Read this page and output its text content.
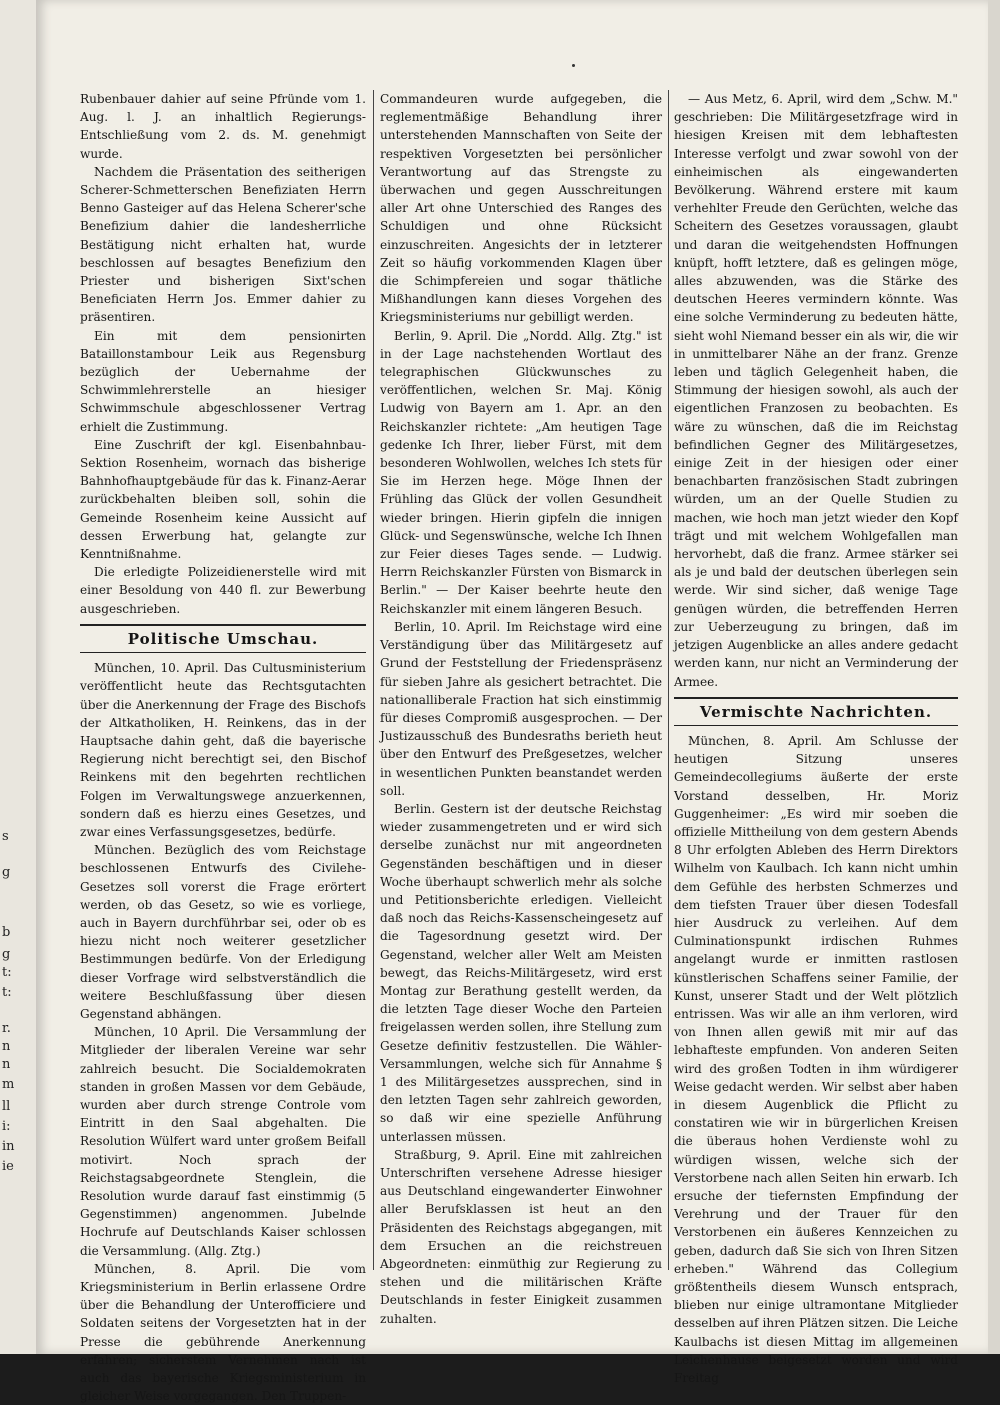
s
g
b
g
t:
t:
r.
n
n
m
ll
i:
in
ie

Rubenbauer dahier auf seine Pfründe vom 1. Aug. l. J. an inhaltlich Regierungs-Entschließung vom 2. ds. M. genehmigt wurde.

Nachdem die Präsentation des seitherigen Scherer-Schmetterschen Benefiziaten Herrn Benno Gasteiger auf das Helena Scherer'sche Benefizium dahier die landesherrliche Bestätigung nicht erhalten hat, wurde beschlossen auf besagtes Benefizium den Priester und bisherigen Sixt'schen Beneficiaten Herrn Jos. Emmer dahier zu präsentiren.

Ein mit dem pensionirten Bataillonstambour Leik aus Regensburg bezüglich der Uebernahme der Schwimmlehrerstelle an hiesiger Schwimmschule abgeschlossener Vertrag erhielt die Zustimmung.

Eine Zuschrift der kgl. Eisenbahnbau-Sektion Rosenheim, wornach das bisherige Bahnhofhauptgebäude für das k. Finanz-Aerar zurückbehalten bleiben soll, sohin die Gemeinde Rosenheim keine Aussicht auf dessen Erwerbung hat, gelangte zur Kenntnißnahme.

Die erledigte Polizeidienerstelle wird mit einer Besoldung von 440 fl. zur Bewerbung ausgeschrieben.

Politische Umschau.

München, 10. April. Das Cultusministerium veröffentlicht heute das Rechtsgutachten über die Anerkennung der Frage des Bischofs der Altkatholiken, H. Reinkens, das in der Hauptsache dahin geht, daß die bayerische Regierung nicht berechtigt sei, den Bischof Reinkens mit den begehrten rechtlichen Folgen im Verwaltungswege anzuerkennen, sondern daß es hierzu eines Gesetzes, und zwar eines Verfassungsgesetzes, bedürfe.

München. Bezüglich des vom Reichstage beschlossenen Entwurfs des Civilehe-Gesetzes soll vorerst die Frage erörtert werden, ob das Gesetz, so wie es vorliege, auch in Bayern durchführbar sei, oder ob es hiezu nicht noch weiterer gesetzlicher Bestimmungen bedürfe. Von der Erledigung dieser Vorfrage wird selbstverständlich die weitere Beschlußfassung über diesen Gegenstand abhängen.

München, 10 April. Die Versammlung der Mitglieder der liberalen Vereine war sehr zahlreich besucht. Die Socialdemokraten standen in großen Massen vor dem Gebäude, wurden aber durch strenge Controle vom Eintritt in den Saal abgehalten. Die Resolution Wülfert ward unter großem Beifall motivirt. Noch sprach der Reichstagsabgeordnete Stenglein, die Resolution wurde darauf fast einstimmig (5 Gegenstimmen) angenommen. Jubelnde Hochrufe auf Deutschlands Kaiser schlossen die Versammlung. (Allg. Ztg.)

München, 8. April. Die vom Kriegsministerium in Berlin erlassene Ordre über die Behandlung der Unterofficiere und Soldaten seitens der Vorgesetzten hat in der Presse die gebührende Anerkennung erfahren; sicherstem Vernehmen nach ist auch das bayerische Kriegsministerium in gleicher Weise vorgegangen. Den Truppen-

Commandeuren wurde aufgegeben, die reglementmäßige Behandlung ihrer unterstehenden Mannschaften von Seite der respektiven Vorgesetzten bei persönlicher Verantwortung auf das Strengste zu überwachen und gegen Ausschreitungen aller Art ohne Unterschied des Ranges des Schuldigen und ohne Rücksicht einzuschreiten. Angesichts der in letzterer Zeit so häufig vorkommenden Klagen über die Schimpfereien und sogar thätliche Mißhandlungen kann dieses Vorgehen des Kriegsministeriums nur gebilligt werden.

Berlin, 9. April. Die „Nordd. Allg. Ztg." ist in der Lage nachstehenden Wortlaut des telegraphischen Glückwunsches zu veröffentlichen, welchen Sr. Maj. König Ludwig von Bayern am 1. Apr. an den Reichskanzler richtete: „Am heutigen Tage gedenke Ich Ihrer, lieber Fürst, mit dem besonderen Wohlwollen, welches Ich stets für Sie im Herzen hege. Möge Ihnen der Frühling das Glück der vollen Gesundheit wieder bringen. Hierin gipfeln die innigen Glück- und Segenswünsche, welche Ich Ihnen zur Feier dieses Tages sende. — Ludwig. Herrn Reichskanzler Fürsten von Bismarck in Berlin." — Der Kaiser beehrte heute den Reichskanzler mit einem längeren Besuch.

Berlin, 10. April. Im Reichstage wird eine Verständigung über das Militärgesetz auf Grund der Feststellung der Friedenspräsenz für sieben Jahre als gesichert betrachtet. Die nationalliberale Fraction hat sich einstimmig für dieses Compromiß ausgesprochen. — Der Justizausschuß des Bundesraths berieth heut über den Entwurf des Preßgesetzes, welcher in wesentlichen Punkten beanstandet werden soll.

Berlin. Gestern ist der deutsche Reichstag wieder zusammengetreten und er wird sich derselbe zunächst nur mit angeordneten Gegenständen beschäftigen und in dieser Woche überhaupt schwerlich mehr als solche und Petitionsberichte erledigen. Vielleicht daß noch das Reichs-Kassenscheingesetz auf die Tagesordnung gesetzt wird. Der Gegenstand, welcher aller Welt am Meisten bewegt, das Reichs-Militärgesetz, wird erst Montag zur Berathung gestellt werden, da die letzten Tage dieser Woche den Parteien freigelassen werden sollen, ihre Stellung zum Gesetze definitiv festzustellen. Die Wähler-Versammlungen, welche sich für Annahme § 1 des Militärgesetzes aussprechen, sind in den letzten Tagen sehr zahlreich geworden, so daß wir eine spezielle Anführung unterlassen müssen.

Straßburg, 9. April. Eine mit zahlreichen Unterschriften versehene Adresse hiesiger aus Deutschland eingewanderter Einwohner aller Berufsklassen ist heut an den Präsidenten des Reichstags abgegangen, mit dem Ersuchen an die reichstreuen Abgeordneten: einmüthig zur Regierung zu stehen und die militärischen Kräfte Deutschlands in fester Einigkeit zusammen zuhalten.

— Aus Metz, 6. April, wird dem „Schw. M." geschrieben: Die Militärgesetzfrage wird in hiesigen Kreisen mit dem lebhaftesten Interesse verfolgt und zwar sowohl von der einheimischen als eingewanderten Bevölkerung. Während erstere mit kaum verhehlter Freude den Gerüchten, welche das Scheitern des Gesetzes voraussagen, glaubt und daran die weitgehendsten Hoffnungen knüpft, hofft letztere, daß es gelingen möge, alles abzuwenden, was die Stärke des deutschen Heeres vermindern könnte. Was eine solche Verminderung zu bedeuten hätte, sieht wohl Niemand besser ein als wir, die wir in unmittelbarer Nähe an der franz. Grenze leben und täglich Gelegenheit haben, die Stimmung der hiesigen sowohl, als auch der eigentlichen Franzosen zu beobachten. Es wäre zu wünschen, daß die im Reichstag befindlichen Gegner des Militärgesetzes, einige Zeit in der hiesigen oder einer benachbarten französischen Stadt zubringen würden, um an der Quelle Studien zu machen, wie hoch man jetzt wieder den Kopf trägt und mit welchem Wohlgefallen man hervorhebt, daß die franz. Armee stärker sei als je und bald der deutschen überlegen sein werde. Wir sind sicher, daß wenige Tage genügen würden, die betreffenden Herren zur Ueberzeugung zu bringen, daß im jetzigen Augenblicke an alles andere gedacht werden kann, nur nicht an Verminderung der Armee.

Vermischte Nachrichten.

München, 8. April. Am Schlusse der heutigen Sitzung unseres Gemeindecollegiums äußerte der erste Vorstand desselben, Hr. Moriz Guggenheimer: „Es wird mir soeben die offizielle Mittheilung von dem gestern Abends 8 Uhr erfolgten Ableben des Herrn Direktors Wilhelm von Kaulbach. Ich kann nicht umhin dem Gefühle des herbsten Schmerzes und dem tiefsten Trauer über diesen Todesfall hier Ausdruck zu verleihen. Auf dem Culminationspunkt irdischen Ruhmes angelangt wurde er inmitten rastlosen künstlerischen Schaffens seiner Familie, der Kunst, unserer Stadt und der Welt plötzlich entrissen. Was wir alle an ihm verloren, wird von Ihnen allen gewiß mit mir auf das lebhafteste empfunden. Von anderen Seiten wird des großen Todten in ihm würdigerer Weise gedacht werden. Wir selbst aber haben in diesem Augenblick die Pflicht zu constatiren wie wir in bürgerlichen Kreisen die überaus hohen Verdienste wohl zu würdigen wissen, welche sich der Verstorbene nach allen Seiten hin erwarb. Ich ersuche der tiefernsten Empfindung der Verehrung und der Trauer für den Verstorbenen ein äußeres Kennzeichen zu geben, dadurch daß Sie sich von Ihren Sitzen erheben." Während das Collegium größtentheils diesem Wunsch entsprach, blieben nur einige ultramontane Mitglieder desselben auf ihren Plätzen sitzen. Die Leiche Kaulbachs ist diesen Mittag im allgemeinen Leichenhause beigesetzt worden und wird Freitag
